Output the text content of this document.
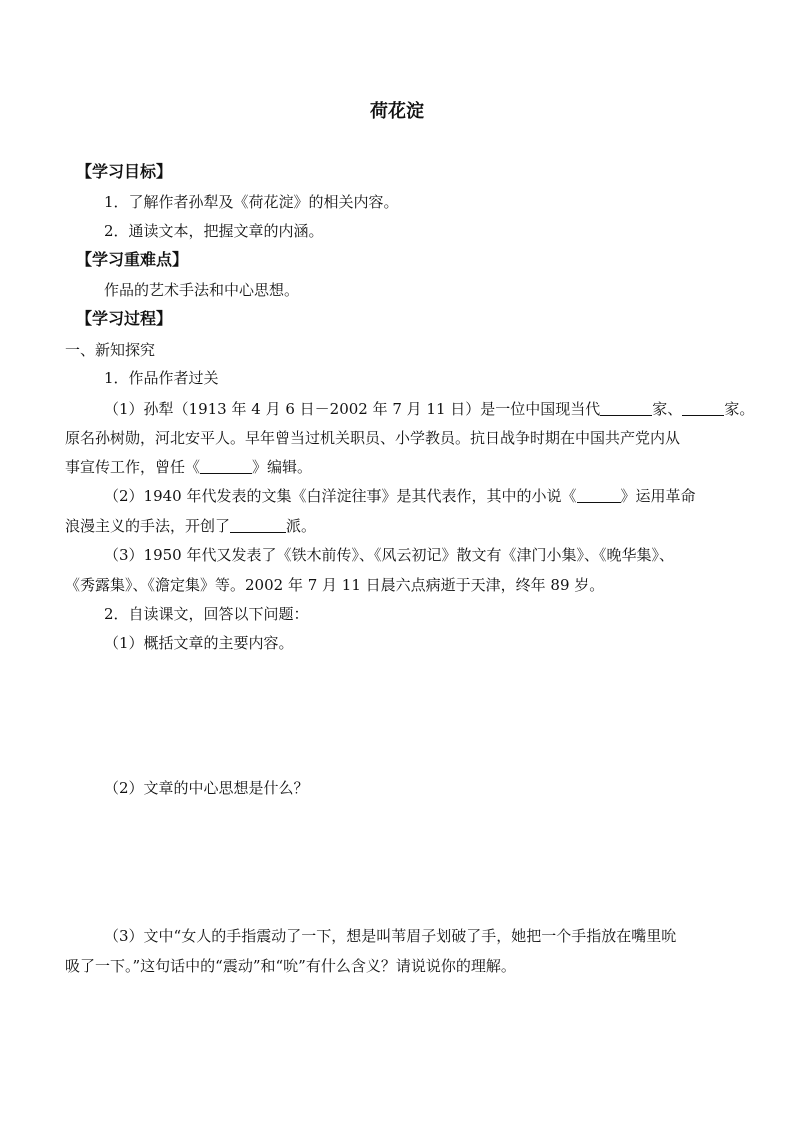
荷花淀
【学习目标】
1．了解作者孙犁及《荷花淀》的相关内容。
2．通读文本，把握文章的内涵。
【学习重难点】
作品的艺术手法和中心思想。
【学习过程】
一、新知探究
1．作品作者过关
（1）孙犁（1913 年 4 月 6 日－2002 年 7 月 11 日）是一位中国现当代	家、	家。
原名孙树勋，河北安平人。早年曾当过机关职员、小学教员。抗日战争时期在中国共产党内从
事宣传工作，曾任《	》编辑。
（2）1940 年代发表的文集《白洋淀往事》是其代表作，其中的小说《	》运用革命
浪漫主义的手法，开创了	派。
（3）1950 年代又发表了《铁木前传》、《风云初记》散文有《津门小集》、《晚华集》、
《秀露集》、《澹定集》等。2002 年 7 月 11 日晨六点病逝于天津，终年 89 岁。
2．自读课文，回答以下问题：
（1）概括文章的主要内容。
（2）文章的中心思想是什么？
（3）文中“女人的手指震动了一下，想是叫苇眉子划破了手，她把一个手指放在嘴里吮
吸了一下。”这句话中的“震动”和“吮”有什么含义？请说说你的理解。
